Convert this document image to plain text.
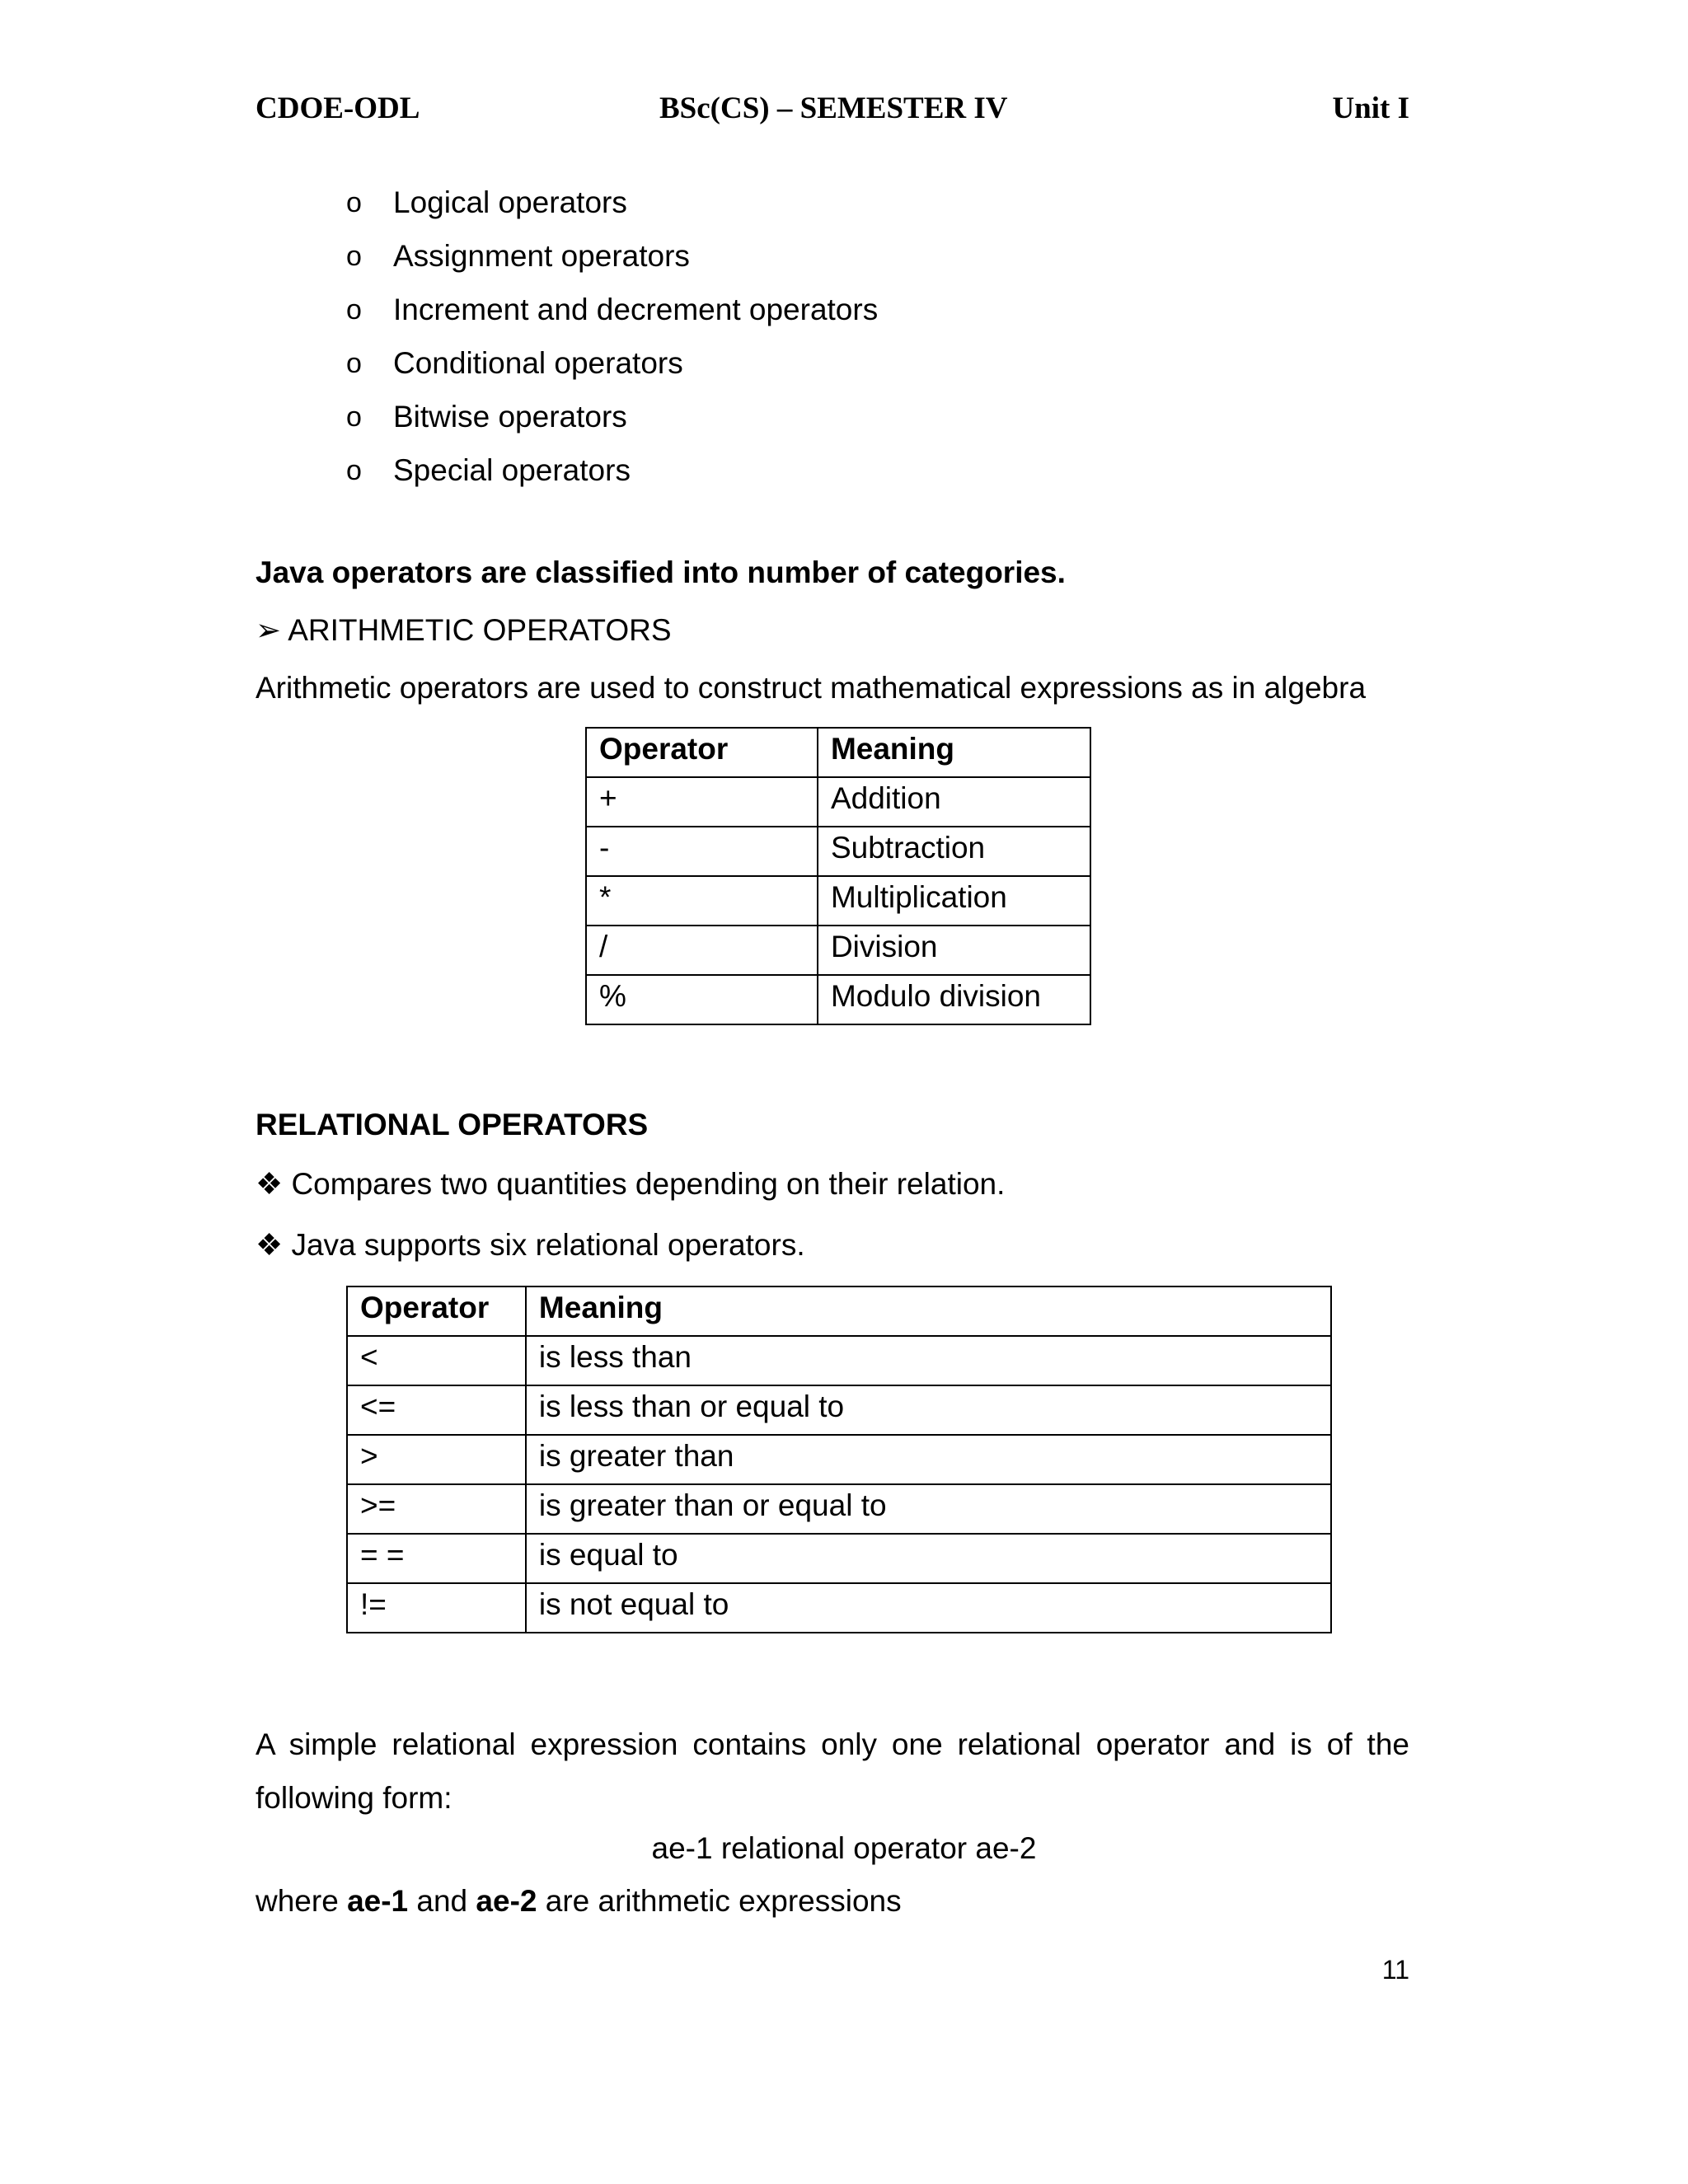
CDOE-ODL	BSc(CS) – SEMESTER IV	Unit I
o Logical operators
o Assignment operators
o Increment and decrement operators
o Conditional operators
o Bitwise operators
o Special operators

Java operators are classified into number of categories.

➢ ARITHMETIC OPERATORS

Arithmetic operators are used to construct mathematical expressions as in algebra

Operator	Meaning
+	Addition
-	Subtraction
*	Multiplication
/	Division
%	Modulo division

RELATIONAL OPERATORS

❖ Compares two quantities depending on their relation.

❖ Java supports six relational operators.

Operator	Meaning
<	is less than
<=	is less than or equal to
>	is greater than
>=	is greater than or equal to
= =	is equal to
!=	is not equal to

A simple relational expression contains only one relational operator and is of the following form:

ae-1 relational operator ae-2

where ae-1 and ae-2 are arithmetic expressions

11
